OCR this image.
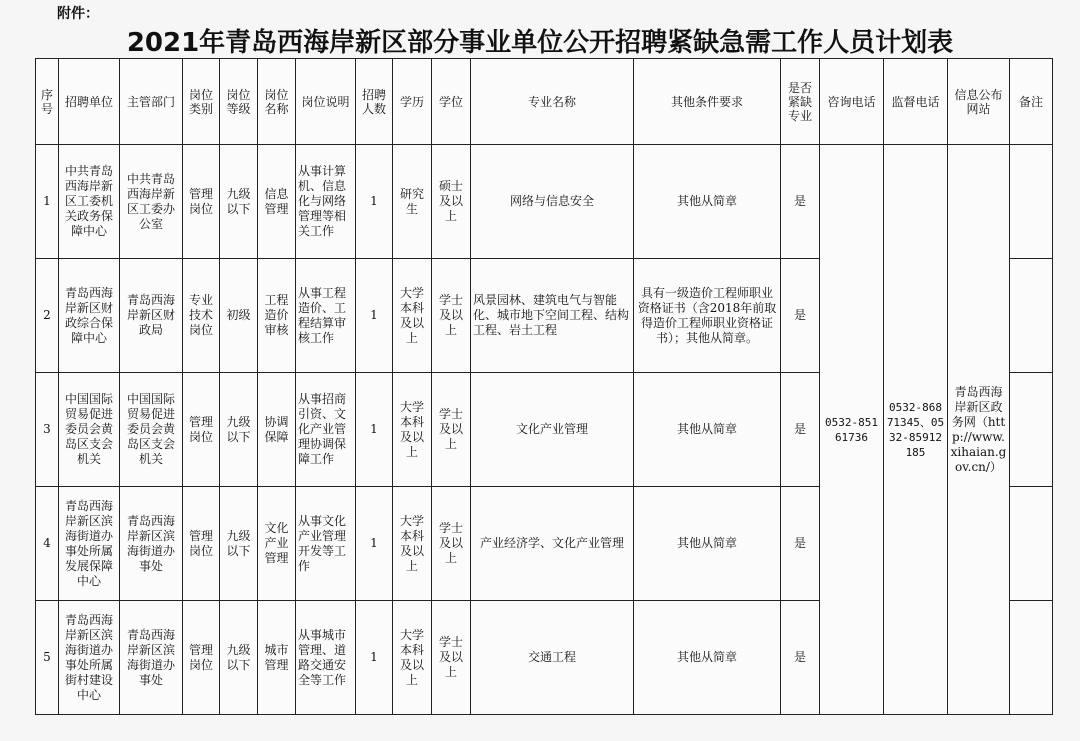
附件：
2021年青岛西海岸新区部分事业单位公开招聘紧缺急需工作人员计划表
序号	招聘单位	主管部门	岗位类别	岗位等级	岗位名称	岗位说明	招聘人数	学历	学位	专业名称	其他条件要求	是否紧缺专业	咨询电话	监督电话	信息公布网站	备注
1	中共青岛西海岸新区工委机关政务保障中心	中共青岛西海岸新区工委办公室	管理岗位	九级以下	信息管理	从事计算机、信息化与网络管理等相关工作	1	研究生	硕士及以上	网络与信息安全	其他从简章	是	0532-85161736	0532-86871345、0532-85912185	青岛西海岸新区政务网（http://www.xihaian.gov.cn/）	
2	青岛西海岸新区财政综合保障中心	青岛西海岸新区财政局	专业技术岗位	初级	工程造价审核	从事工程造价、工程结算审核工作	1	大学本科及以上	学士及以上	风景园林、建筑电气与智能化、城市地下空间工程、结构工程、岩土工程	具有一级造价工程师职业资格证书（含2018年前取得造价工程师职业资格证书）；其他从简章。	是				
3	中国国际贸易促进委员会黄岛区支会机关	中国国际贸易促进委员会黄岛区支会机关	管理岗位	九级以下	协调保障	从事招商引资、文化产业管理协调保障工作	1	大学本科及以上	学士及以上	文化产业管理	其他从简章	是				
4	青岛西海岸新区滨海街道办事处所属发展保障中心	青岛西海岸新区滨海街道办事处	管理岗位	九级以下	文化产业管理	从事文化产业管理开发等工作	1	大学本科及以上	学士及以上	产业经济学、文化产业管理	其他从简章	是				
5	青岛西海岸新区滨海街道办事处所属街村建设中心	青岛西海岸新区滨海街道办事处	管理岗位	九级以下	城市管理	从事城市管理、道路交通安全等工作	1	大学本科及以上	学士及以上	交通工程	其他从简章	是				
